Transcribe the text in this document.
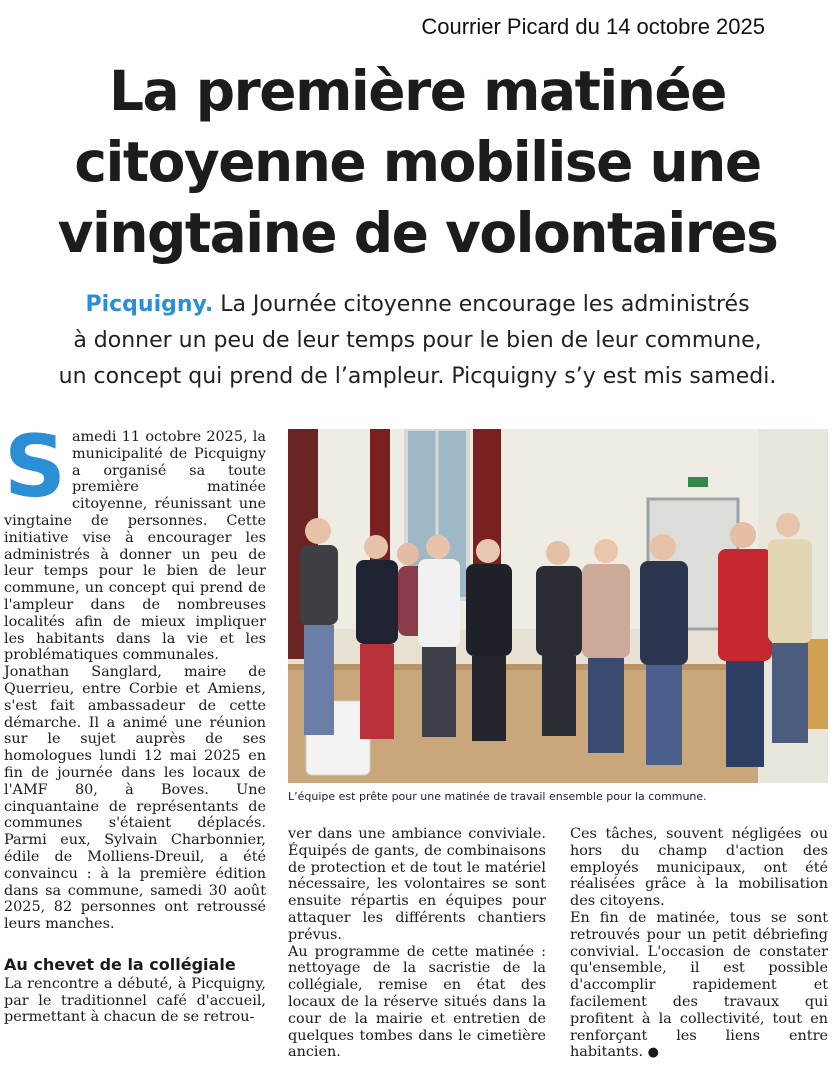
Courrier Picard du 14 octobre 2025
La première matinée
citoyenne mobilise une
vingtaine de volontaires
Picquigny. La Journée citoyenne encourage les administrés
à donner un peu de leur temps pour le bien de leur commune,
un concept qui prend de l’ampleur. Picquigny s’y est mis samedi.
S amedi 11 octobre 2025, la municipalité de Picquigny a organisé sa toute première matinée citoyenne, réunissant une vingtaine de personnes. Cette initiative vise à encourager les administrés à donner un peu de leur temps pour le bien de leur commune, un concept qui prend de l'ampleur dans de nombreuses localités afin de mieux impliquer les habitants dans la vie et les problématiques communales.

Jonathan Sanglard, maire de Querrieu, entre Corbie et Amiens, s'est fait ambassadeur de cette démarche. Il a animé une réunion sur le sujet auprès de ses homologues lundi 12 mai 2025 en fin de journée dans les locaux de l'AMF 80, à Boves. Une cinquantaine de représentants de communes s'étaient déplacés. Parmi eux, Sylvain Charbonnier, édile de Molliens-Dreuil, a été convaincu : à la première édition dans sa commune, samedi 30 août 2025, 82 personnes ont retroussé leurs manches.

Au chevet de la collégiale

La rencontre a débuté, à Picquigny, par le traditionnel café d'accueil, permettant à chacun de se retrou-

L’équipe est prête pour une matinée de travail ensemble pour la commune.

ver dans une ambiance conviviale. Équipés de gants, de combinaisons de protection et de tout le matériel nécessaire, les volontaires se sont ensuite répartis en équipes pour attaquer les différents chantiers prévus.

Au programme de cette matinée : nettoyage de la sacristie de la collégiale, remise en état des locaux de la réserve situés dans la cour de la mairie et entretien de quelques tombes dans le cimetière ancien.

Ces tâches, souvent négligées ou hors du champ d'action des employés municipaux, ont été réalisées grâce à la mobilisation des citoyens.

En fin de matinée, tous se sont retrouvés pour un petit débriefing convivial. L'occasion de constater qu'ensemble, il est possible d'accomplir rapidement et facilement des travaux qui profitent à la collectivité, tout en renforçant les liens entre habitants. ●
